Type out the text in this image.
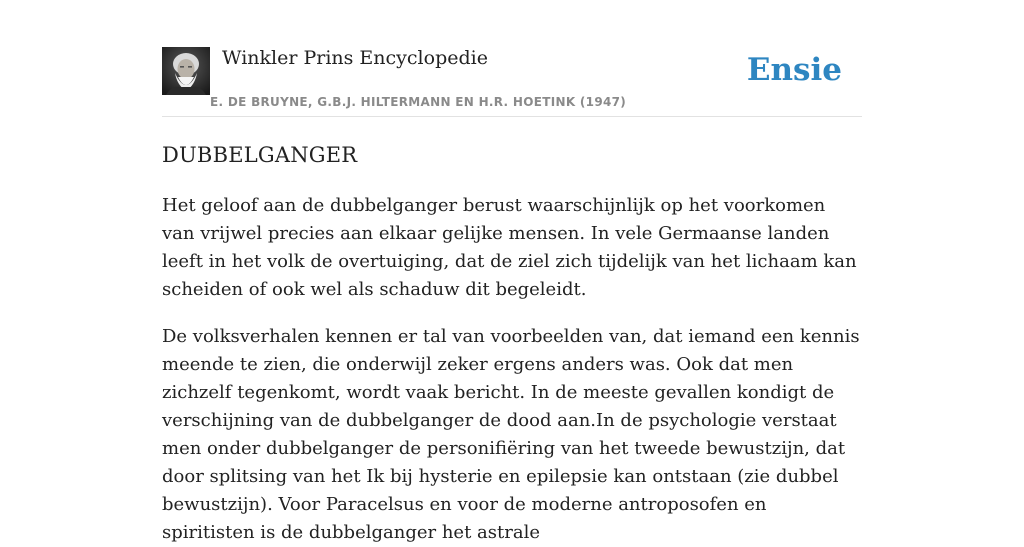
Winkler Prins Encyclopedie
E. DE BRUYNE, G.B.J. HILTERMANN EN H.R. HOETINK (1947)
Ensie
DUBBELGANGER

Het geloof aan de dubbelganger berust waarschijnlijk op het voorkomen van vrijwel precies aan elkaar gelijke mensen. In vele Germaanse landen leeft in het volk de overtuiging, dat de ziel zich tijdelijk van het lichaam kan scheiden of ook wel als schaduw dit begeleidt.

De volksverhalen kennen er tal van voorbeelden van, dat iemand een kennis meende te zien, die onderwijl zeker ergens anders was. Ook dat men zichzelf tegenkomt, wordt vaak bericht. In de meeste gevallen kondigt de verschijning van de dubbelganger de dood aan.In de psychologie verstaat men onder dubbelganger de personifiëring van het tweede bewustzijn, dat door splitsing van het Ik bij hysterie en epilepsie kan ontstaan (zie dubbel bewustzijn). Voor Paracelsus en voor de moderne antroposofen en spiritisten is de dubbelganger het astrale
